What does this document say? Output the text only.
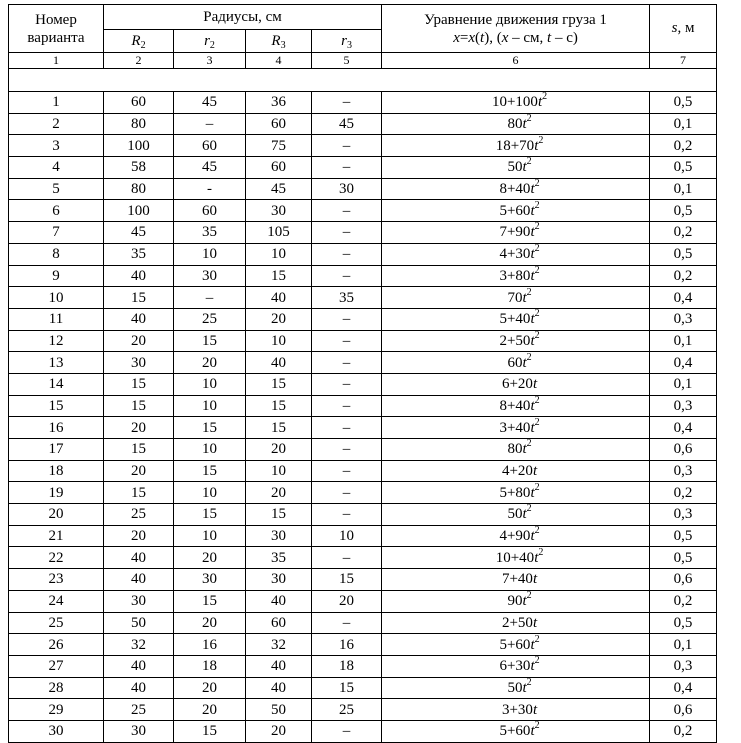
Номер
варианта	Радиусы, см				Уравнение движения груза 1
x=x(t), (x – см, t – с)	s, м
	$R_2$	$r_2$	$R_3$	$r_3$
1	2	3	4	5	6	7

1	60	45	36	–	$10+100t^2$	0,5
2	80	–	60	45	$80t^2$	0,1
3	100	60	75	–	$18+70t^2$	0,2
4	58	45	60	–	$50t^2$	0,5
5	80	-	45	30	$8+40t^2$	0,1
6	100	60	30	–	$5+60t^2$	0,5
7	45	35	105	–	$7+90t^2$	0,2
8	35	10	10	–	$4+30t^2$	0,5
9	40	30	15	–	$3+80t^2$	0,2
10	15	–	40	35	$70t^2$	0,4
11	40	25	20	–	$5+40t^2$	0,3
12	20	15	10	–	$2+50t^2$	0,1
13	30	20	40	–	$60t^2$	0,4
14	15	10	15	–	6+20t	0,1
15	15	10	15	–	$8+40t^2$	0,3
16	20	15	15	–	$3+40t^2$	0,4
17	15	10	20	–	$80t^2$	0,6
18	20	15	10	–	4+20t	0,3
19	15	10	20	–	$5+80t^2$	0,2
20	25	15	15	–	$50t^2$	0,3
21	20	10	30	10	$4+90t^2$	0,5
22	40	20	35	–	$10+40t^2$	0,5
23	40	30	30	15	7+40t	0,6
24	30	15	40	20	$90t^2$	0,2
25	50	20	60	–	2+50t	0,5
26	32	16	32	16	$5+60t^2$	0,1
27	40	18	40	18	$6+30t^2$	0,3
28	40	20	40	15	$50t^2$	0,4
29	25	20	50	25	3+30t	0,6
30	30	15	20	–	$5+60t^2$	0,2
